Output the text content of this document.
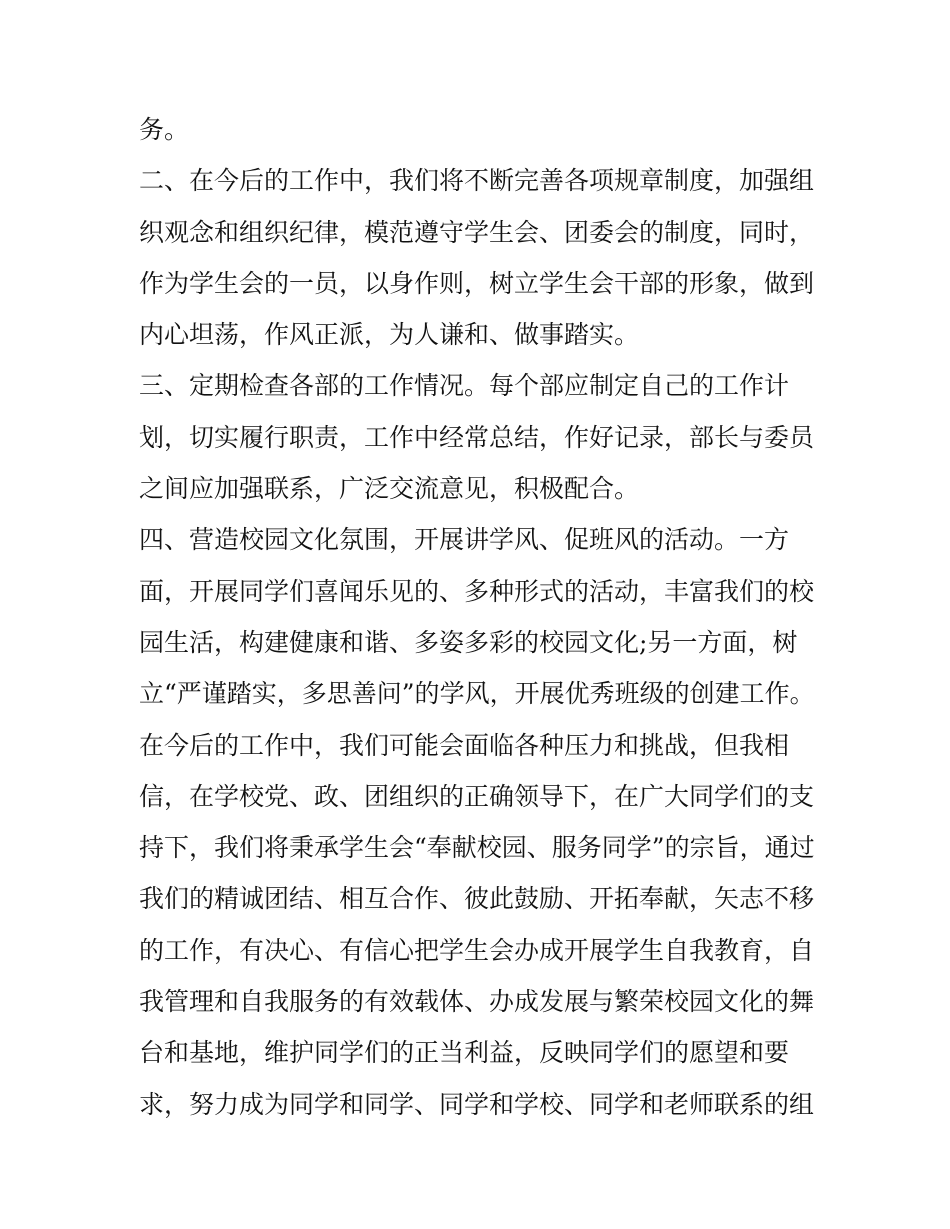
务。
二、在今后的工作中，我们将不断完善各项规章制度，加强组
织观念和组织纪律，模范遵守学生会、团委会的制度，同时，
作为学生会的一员，以身作则，树立学生会干部的形象，做到
内心坦荡，作风正派，为人谦和、做事踏实。
三、定期检查各部的工作情况。每个部应制定自己的工作计
划，切实履行职责，工作中经常总结，作好记录，部长与委员
之间应加强联系，广泛交流意见，积极配合。
四、营造校园文化氛围，开展讲学风、促班风的活动。一方
面，开展同学们喜闻乐见的、多种形式的活动，丰富我们的校
园生活，构建健康和谐、多姿多彩的校园文化;另一方面，树
立“严谨踏实，多思善问”的学风，开展优秀班级的创建工作。
在今后的工作中，我们可能会面临各种压力和挑战，但我相
信，在学校党、政、团组织的正确领导下，在广大同学们的支
持下，我们将秉承学生会“奉献校园、服务同学”的宗旨，通过
我们的精诚团结、相互合作、彼此鼓励、开拓奉献，矢志不移
的工作，有决心、有信心把学生会办成开展学生自我教育，自
我管理和自我服务的有效载体、办成发展与繁荣校园文化的舞
台和基地，维护同学们的正当利益，反映同学们的愿望和要
求，努力成为同学和同学、同学和学校、同学和老师联系的组
